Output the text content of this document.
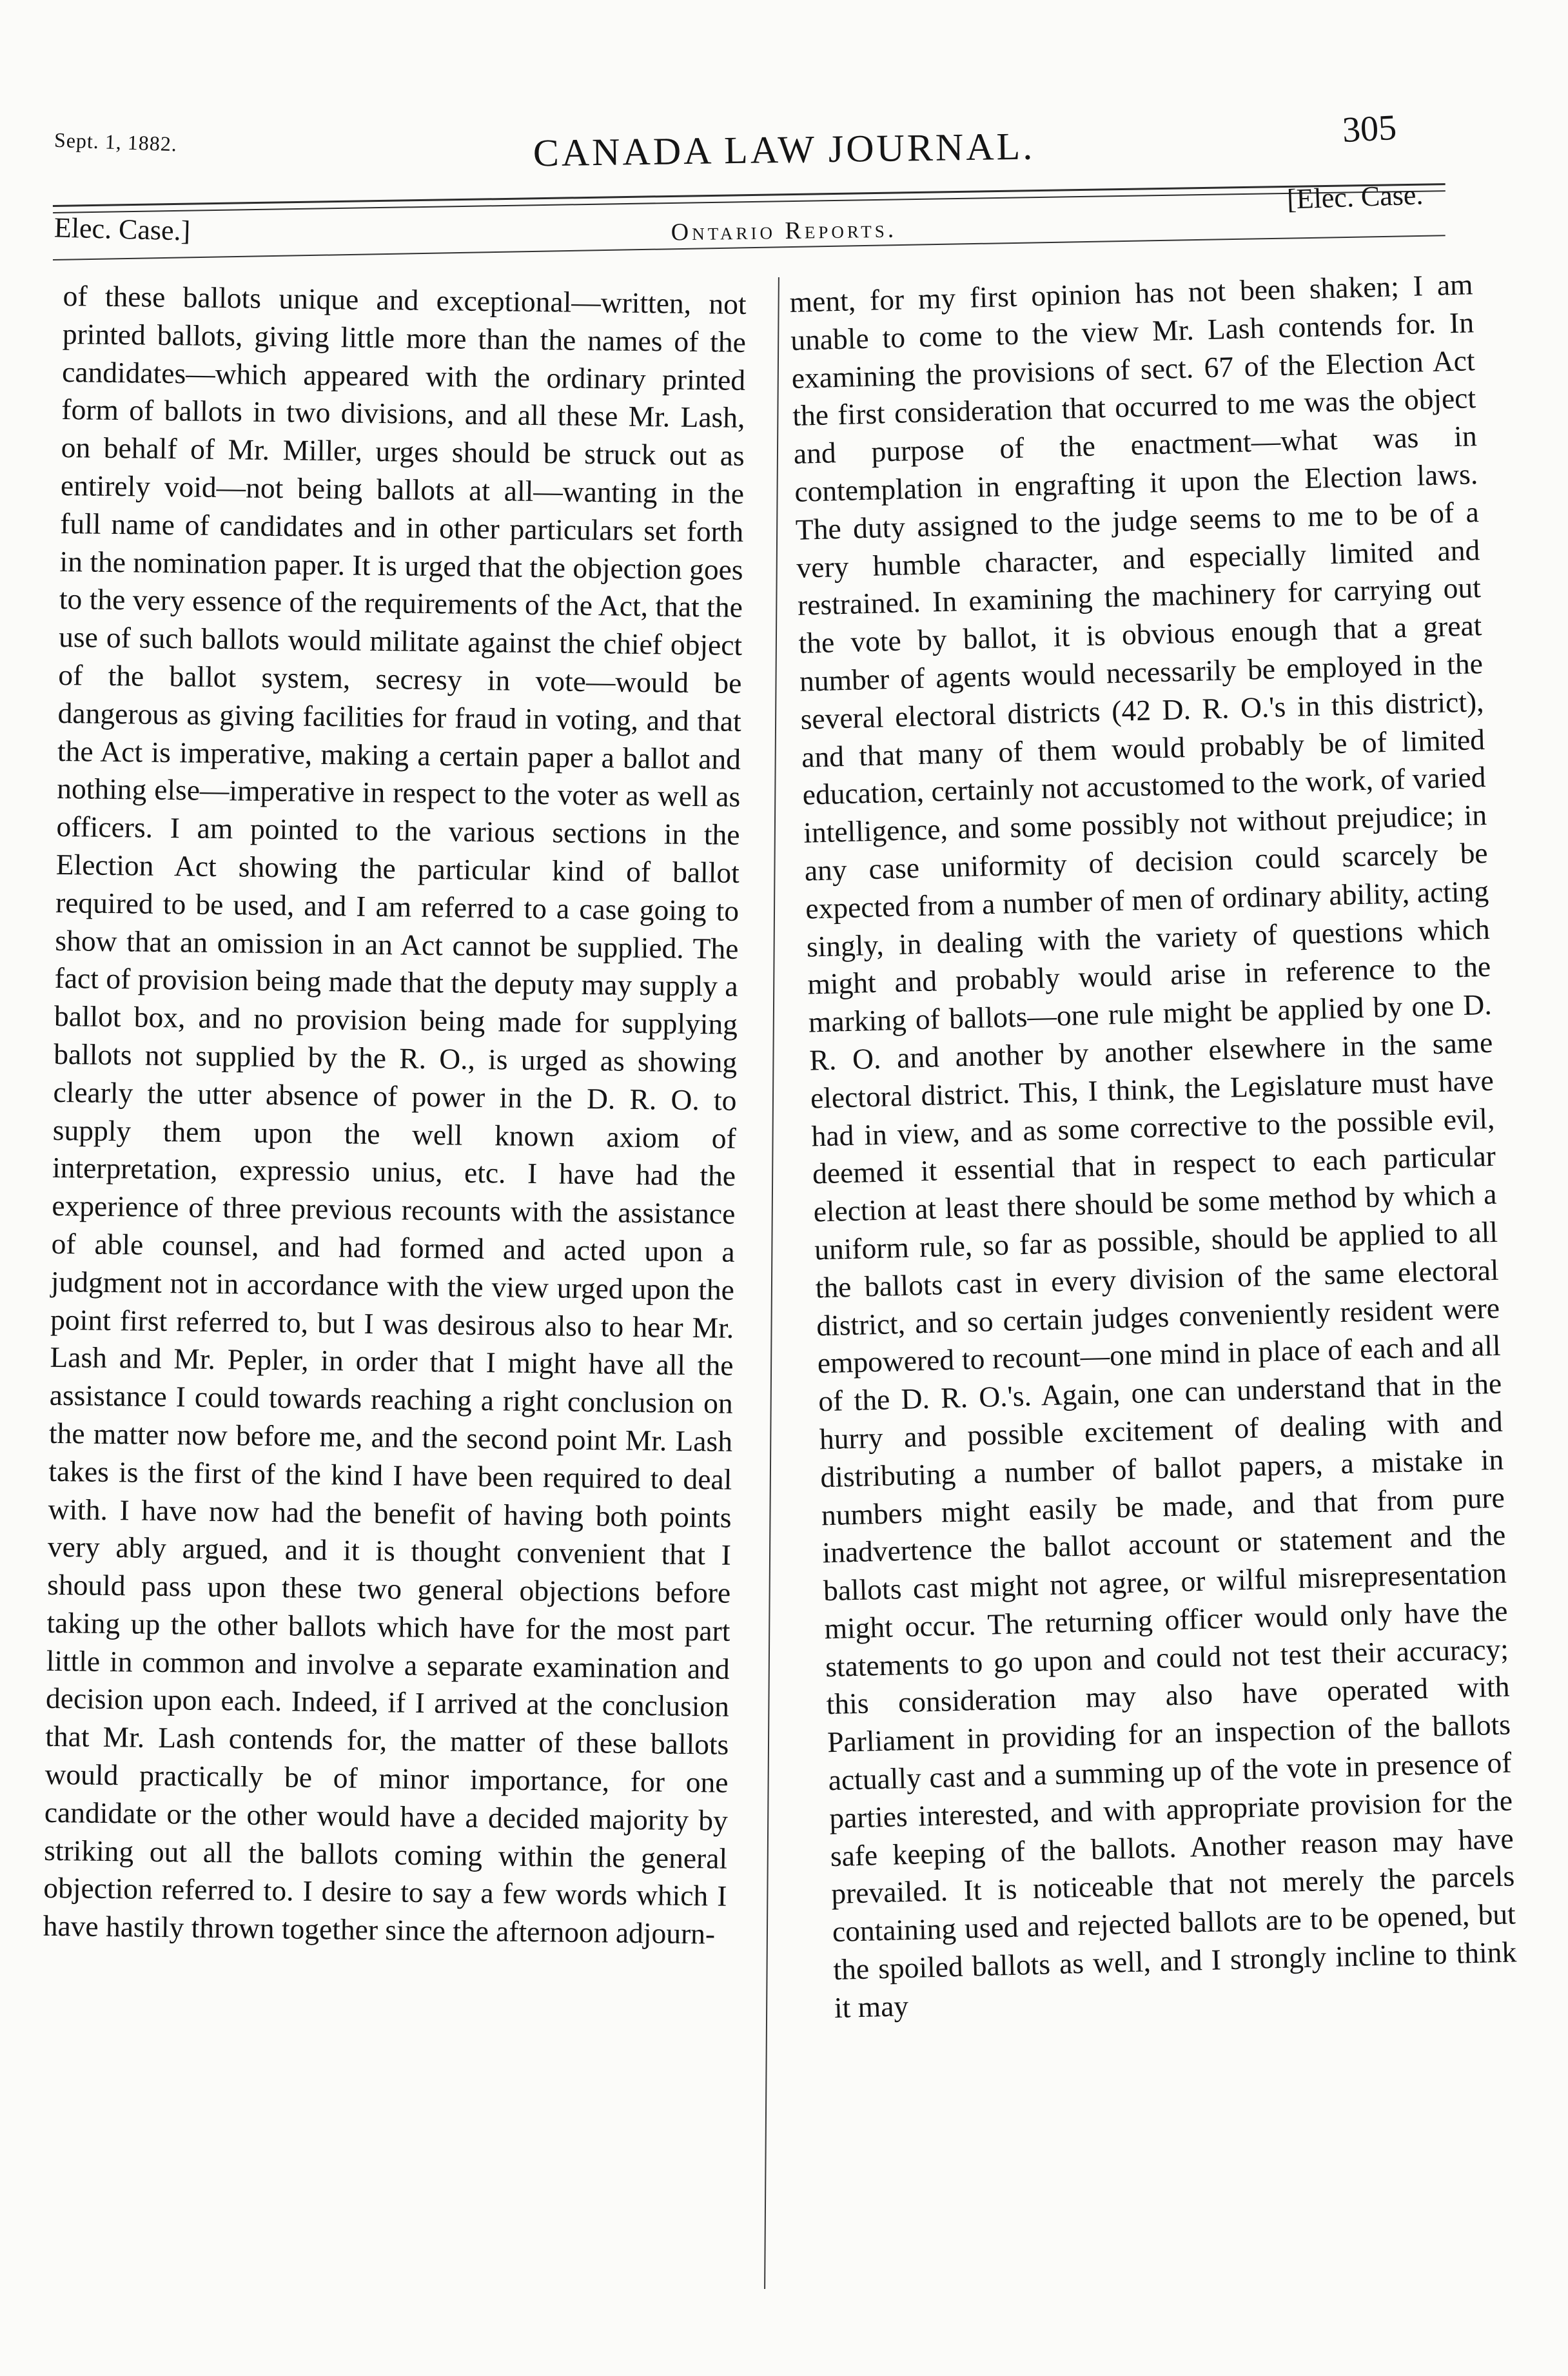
Sept. 1, 1882.	CANADA LAW JOURNAL.	305
Elec. Case.]	Ontario Reports.
[Elec. Case.

of these ballots unique and exceptional—written, not printed ballots, giving little more than the names of the candidates—which appeared with the ordinary printed form of ballots in two divisions, and all these Mr. Lash, on behalf of Mr. Miller, urges should be struck out as entirely void—not being ballots at all—wanting in the full name of candidates and in other particulars set forth in the nomination paper. It is urged that the objection goes to the very essence of the requirements of the Act, that the use of such ballots would militate against the chief object of the ballot system, secresy in vote—would be dangerous as giving facilities for fraud in voting, and that the Act is imperative, making a certain paper a ballot and nothing else—imperative in respect to the voter as well as officers. I am pointed to the various sections in the Election Act showing the particular kind of ballot required to be used, and I am referred to a case going to show that an omission in an Act cannot be supplied. The fact of provision being made that the deputy may supply a ballot box, and no provision being made for supplying ballots not supplied by the R. O., is urged as showing clearly the utter absence of power in the D. R. O. to supply them upon the well known axiom of interpretation, expressio unius, etc. I have had the experience of three previous recounts with the assistance of able counsel, and had formed and acted upon a judgment not in accordance with the view urged upon the point first referred to, but I was desirous also to hear Mr. Lash and Mr. Pepler, in order that I might have all the assistance I could towards reaching a right conclusion on the matter now before me, and the second point Mr. Lash takes is the first of the kind I have been required to deal with. I have now had the benefit of having both points very ably argued, and it is thought convenient that I should pass upon these two general objections before taking up the other ballots which have for the most part little in common and involve a separate examination and decision upon each. Indeed, if I arrived at the conclusion that Mr. Lash contends for, the matter of these ballots would practically be of minor importance, for one candidate or the other would have a decided majority by striking out all the ballots coming within the general objection referred to. I desire to say a few words which I have hastily thrown together since the afternoon adjourn-

ment, for my first opinion has not been shaken; I am unable to come to the view Mr. Lash contends for. In examining the provisions of sect. 67 of the Election Act the first consideration that occurred to me was the object and purpose of the enactment—what was in contemplation in engrafting it upon the Election laws. The duty assigned to the judge seems to me to be of a very humble character, and especially limited and restrained. In examining the machinery for carrying out the vote by ballot, it is obvious enough that a great number of agents would necessarily be employed in the several electoral districts (42 D. R. O.'s in this district), and that many of them would probably be of limited education, certainly not accustomed to the work, of varied intelligence, and some possibly not without prejudice; in any case uniformity of decision could scarcely be expected from a number of men of ordinary ability, acting singly, in dealing with the variety of questions which might and probably would arise in reference to the marking of ballots—one rule might be applied by one D. R. O. and another by another elsewhere in the same electoral district. This, I think, the Legislature must have had in view, and as some corrective to the possible evil, deemed it essential that in respect to each particular election at least there should be some method by which a uniform rule, so far as possible, should be applied to all the ballots cast in every division of the same electoral district, and so certain judges conveniently resident were empowered to recount—one mind in place of each and all of the D. R. O.'s. Again, one can understand that in the hurry and possible excitement of dealing with and distributing a number of ballot papers, a mistake in numbers might easily be made, and that from pure inadvertence the ballot account or statement and the ballots cast might not agree, or wilful misrepresentation might occur. The returning officer would only have the statements to go upon and could not test their accuracy; this consideration may also have operated with Parliament in providing for an inspection of the ballots actually cast and a summing up of the vote in presence of parties interested, and with appropriate provision for the safe keeping of the ballots. Another reason may have prevailed. It is noticeable that not merely the parcels containing used and rejected ballots are to be opened, but the spoiled ballots as well, and I strongly incline to think it may
